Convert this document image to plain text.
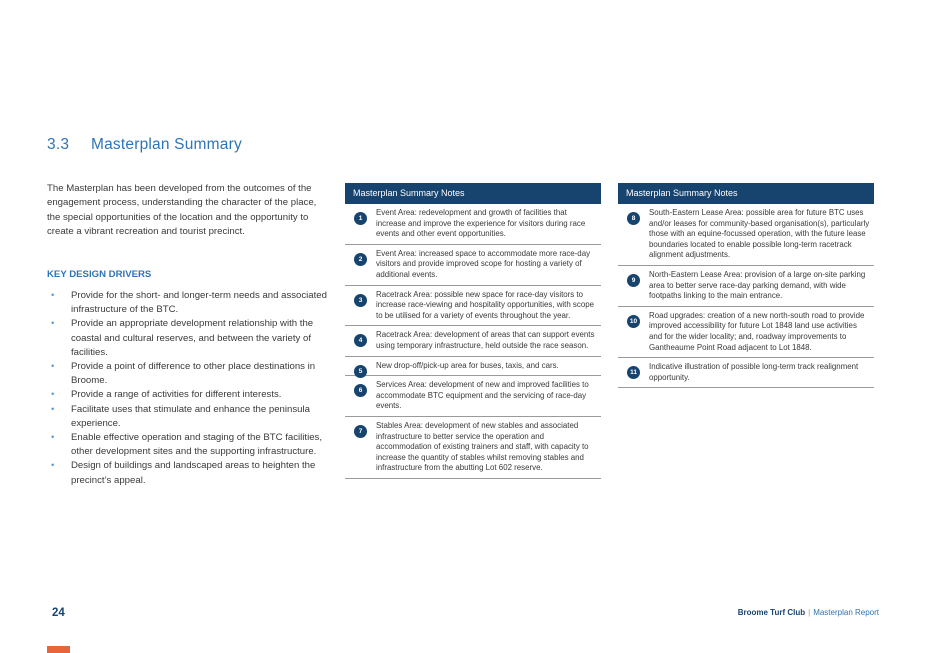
3.3 Masterplan Summary
The Masterplan has been developed from the outcomes of the engagement process, understanding the character of the place, the special opportunities of the location and the opportunity to create a vibrant recreation and tourist precinct.
KEY DESIGN DRIVERS
• Provide for the short- and longer-term needs and associated infrastructure of the BTC.
• Provide an appropriate development relationship with the coastal and cultural reserves, and between the variety of facilities.
• Provide a point of difference to other place destinations in Broome.
• Provide a range of activities for different interests.
• Facilitate uses that stimulate and enhance the peninsula experience.
• Enable effective operation and staging of the BTC facilities, other development sites and the supporting infrastructure.
• Design of buildings and landscaped areas to heighten the precinct’s appeal.
Masterplan Summary Notes
1
Event Area: redevelopment and growth of facilities that increase and improve the experience for visitors during race events and other event opportunities.
2
Event Area: increased space to accommodate more race-day visitors and provide improved scope for hosting a variety of additional events.
3
Racetrack Area: possible new space for race-day visitors to increase race-viewing and hospitality opportunities, with scope to be utilised for a variety of events throughout the year.
4
Racetrack Area: development of areas that can support events using temporary infrastructure, held outside the race season.
5
New drop-off/pick-up area for buses, taxis, and cars.
6
Services Area: development of new and improved facilities to accommodate BTC equipment and the servicing of race-day events.
7
Stables Area: development of new stables and associated infrastructure to better service the operation and accommodation of existing trainers and staff, with capacity to increase the quantity of stables whilst removing stables and infrastructure from the abutting Lot 602 reserve.
Masterplan Summary Notes
8
South-Eastern Lease Area: possible area for future BTC uses and/or leases for community-based organisation(s), particularly those with an equine-focussed operation, with the future lease boundaries located to enable possible long-term racetrack alignment adjustments.
9
North-Eastern Lease Area: provision of a large on-site parking area to better serve race-day parking demand, with wide footpaths linking to the main entrance.
10
Road upgrades: creation of a new north-south road to provide improved accessibility for future Lot 1848 land use activities and for the wider locality; and, roadway improvements to Gantheaume Point Road adjacent to Lot 1848.
11
Indicative illustration of possible long-term track realignment opportunity.
24	Broome Turf Club | Masterplan Report
